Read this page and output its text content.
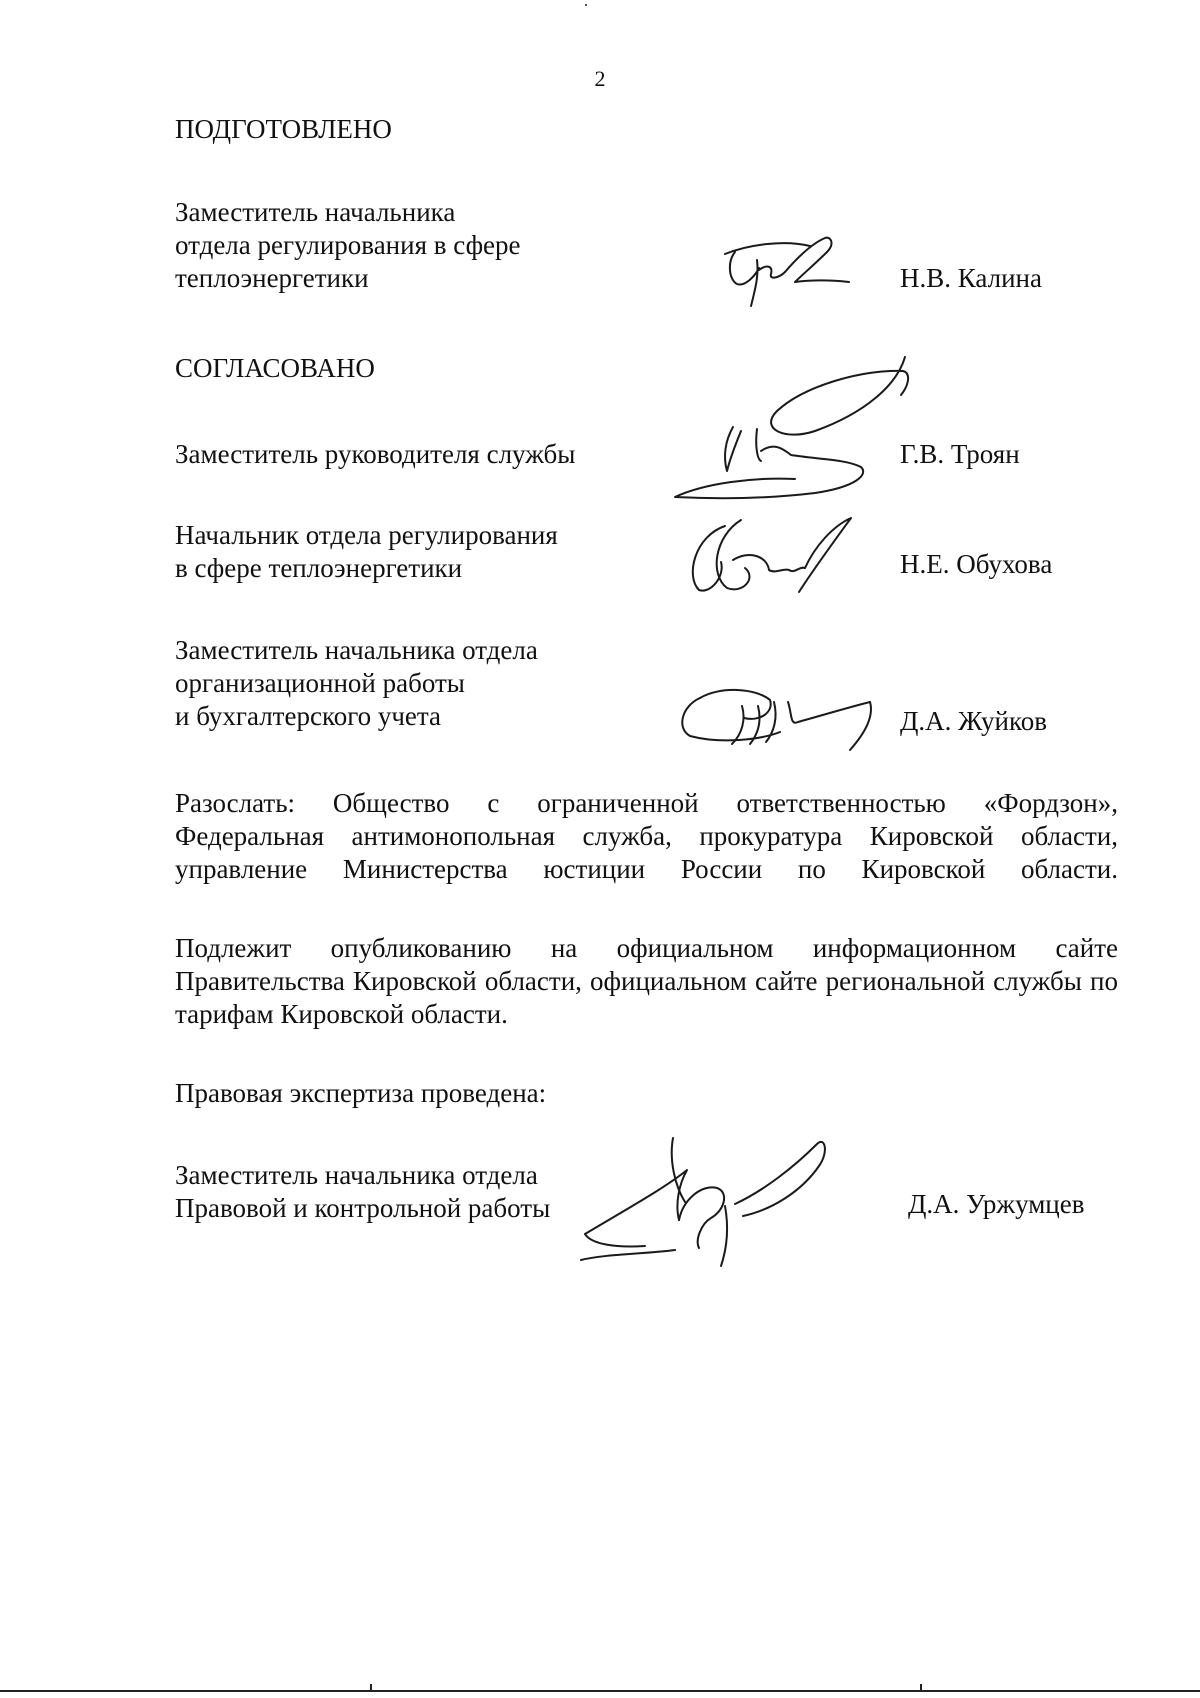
2
ПОДГОТОВЛЕНО
Заместитель начальника
отдела регулирования в сфере
теплоэнергетики	Н.В. Калина
СОГЛАСОВАНО
Заместитель руководителя службы	Г.В. Троян
Начальник отдела регулирования
в сфере теплоэнергетики	Н.Е. Обухова
Заместитель начальника отдела
организационной работы
и бухгалтерского учета	Д.А. Жуйков
Разослать: Общество с ограниченной ответственностью «Фордзон», Федеральная антимонопольная служба, прокуратура Кировской области, управление Министерства юстиции России по Кировской области.
Подлежит опубликованию на официальном информационном сайте Правительства Кировской области, официальном сайте региональной службы по тарифам Кировской области.
Правовая экспертиза проведена:
Заместитель начальника отдела
Правовой и контрольной работы	Д.А. Уржумцев
